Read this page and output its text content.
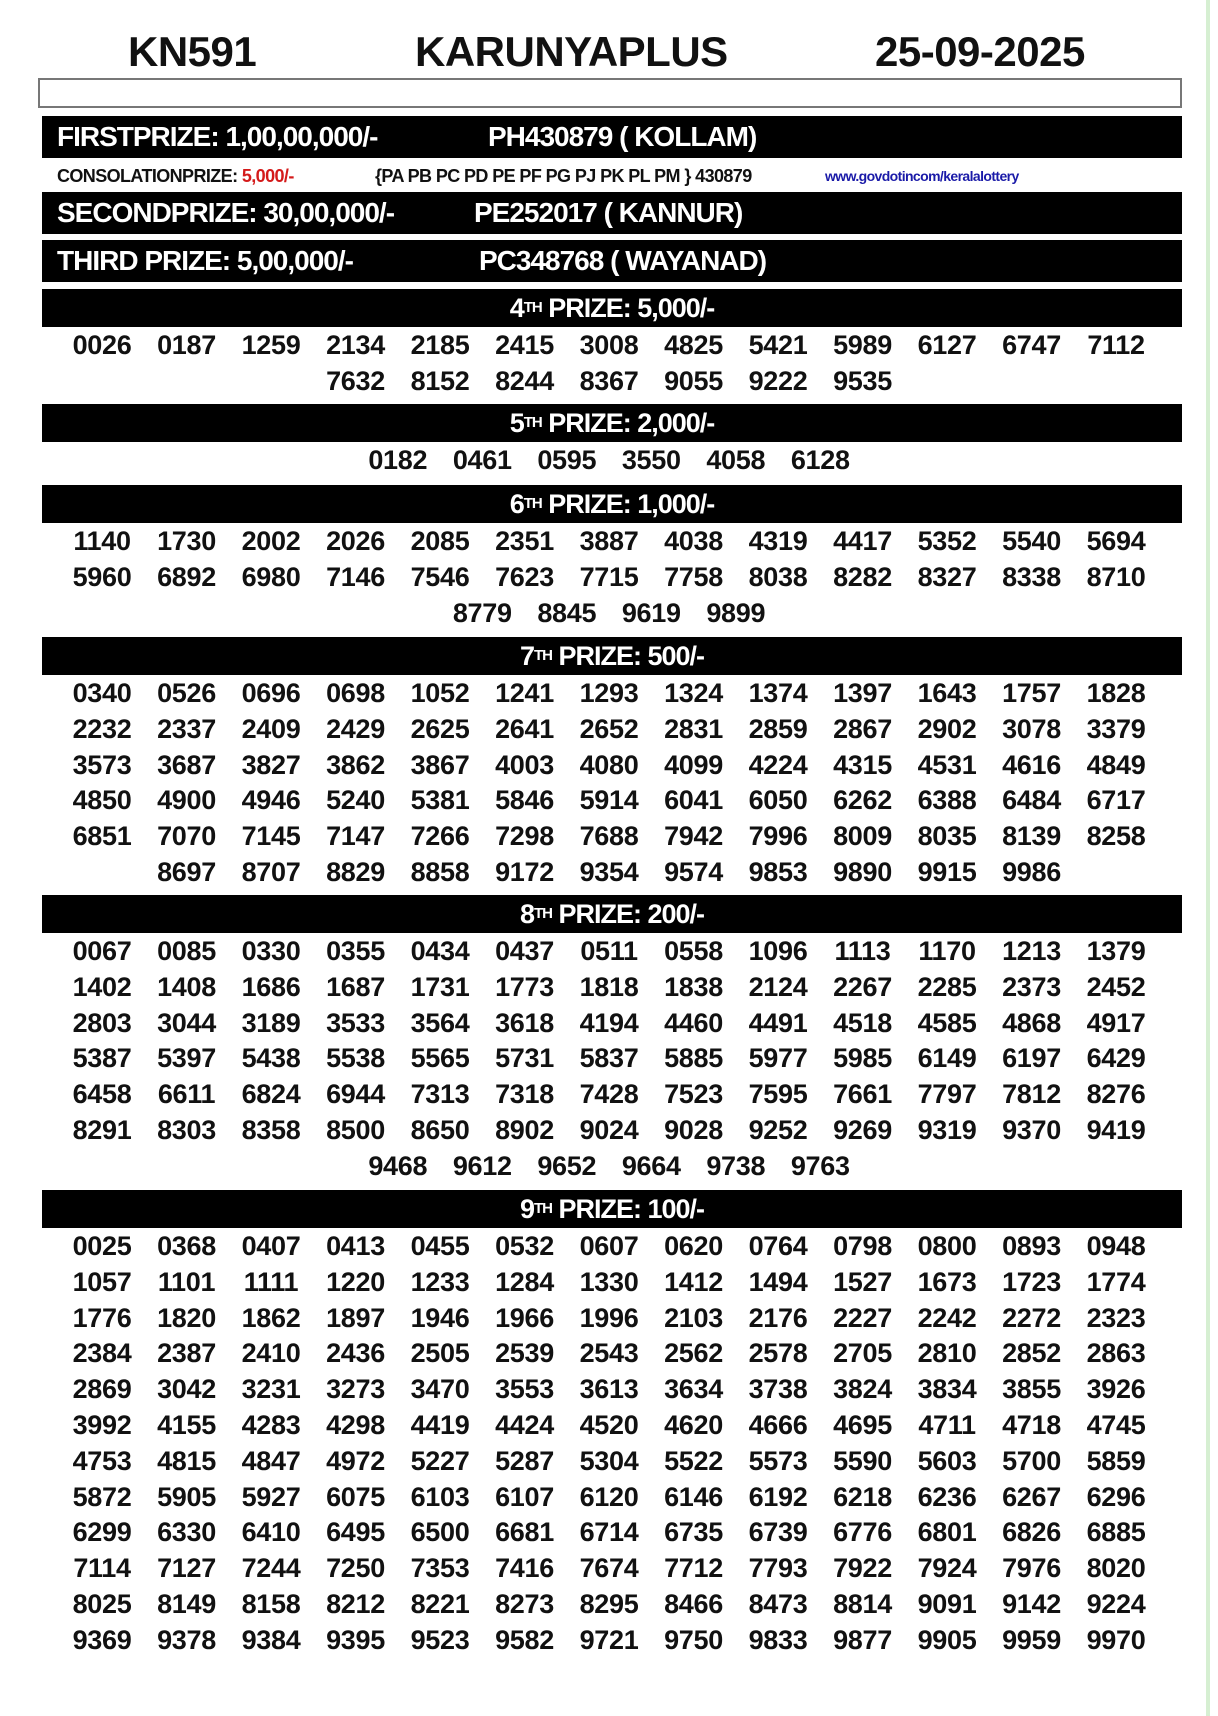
KN591	KARUNYAPLUS	25-09-2025
FIRSTPRIZE: 1,00,00,000/-	PH430879 ( KOLLAM)
CONSOLATIONPRIZE: 5,000/-	{PA PB PC PD PE PF PG PJ PK PL PM } 430879	www.govdotincom/keralalottery
SECONDPRIZE: 30,00,000/-	PE252017 ( KANNUR)
THIRD PRIZE: 5,00,000/-	PC348768 ( WAYANAD)
4TH PRIZE: 5,000/-
0026 0187 1259 2134 2185 2415 3008 4825 5421 5989 6127 6747 7112
7632 8152 8244 8367 9055 9222 9535
5TH PRIZE: 2,000/-
0182 0461 0595 3550 4058 6128
6TH PRIZE: 1,000/-
1140 1730 2002 2026 2085 2351 3887 4038 4319 4417 5352 5540 5694
5960 6892 6980 7146 7546 7623 7715 7758 8038 8282 8327 8338 8710
8779 8845 9619 9899
7TH PRIZE: 500/-
0340 0526 0696 0698 1052 1241 1293 1324 1374 1397 1643 1757 1828
2232 2337 2409 2429 2625 2641 2652 2831 2859 2867 2902 3078 3379
3573 3687 3827 3862 3867 4003 4080 4099 4224 4315 4531 4616 4849
4850 4900 4946 5240 5381 5846 5914 6041 6050 6262 6388 6484 6717
6851 7070 7145 7147 7266 7298 7688 7942 7996 8009 8035 8139 8258
8697 8707 8829 8858 9172 9354 9574 9853 9890 9915 9986
8TH PRIZE: 200/-
0067 0085 0330 0355 0434 0437 0511 0558 1096	1113	1170 1213 1379
1402 1408 1686 1687 1731 1773 1818 1838 2124 2267 2285 2373 2452
2803 3044 3189 3533 3564 3618 4194 4460 4491 4518 4585 4868 4917
5387 5397 5438 5538 5565 5731 5837 5885 5977 5985 6149 6197 6429
6458 6611 6824 6944 7313 7318 7428 7523 7595 7661 7797 7812 8276
8291 8303 8358 8500 8650 8902 9024 9028 9252 9269 9319 9370 9419
9468 9612 9652 9664 9738 9763
9TH PRIZE: 100/-
0025 0368 0407 0413 0455 0532 0607 0620 0764 0798 0800 0893 0948
1057 1101	1111	1220 1233 1284 1330 1412 1494 1527 1673 1723 1774
1776 1820 1862 1897 1946 1966 1996 2103 2176 2227 2242 2272 2323
2384 2387 2410 2436 2505 2539 2543 2562 2578 2705 2810 2852 2863
2869 3042 3231 3273 3470 3553 3613 3634 3738 3824 3834 3855 3926
3992 4155 4283 4298 4419 4424 4520 4620 4666 4695 4711 4718 4745
4753 4815 4847 4972 5227 5287 5304 5522 5573 5590 5603 5700 5859
5872 5905 5927 6075 6103 6107 6120 6146 6192 6218 6236 6267 6296
6299 6330 6410 6495 6500 6681 6714 6735 6739 6776 6801 6826 6885
7114 7127 7244 7250 7353 7416 7674 7712 7793 7922 7924 7976 8020
8025 8149 8158 8212 8221 8273 8295 8466 8473 8814 9091 9142 9224
9369 9378 9384 9395 9523 9582 9721 9750 9833 9877 9905 9959 9970
